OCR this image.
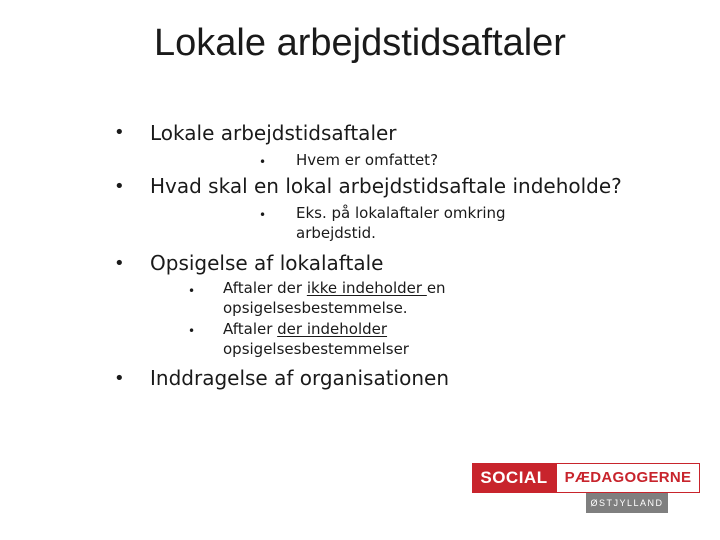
Lokale arbejdstidsaftaler
• Lokale arbejdstidsaftaler
• Hvem er omfattet?
• Hvad skal en lokal arbejdstidsaftale indeholde?
• Eks. på lokalaftaler omkring
arbejdstid.
• Opsigelse af lokalaftale
• Aftaler der ikke indeholder en
opsigelsesbestemmelse.
• Aftaler der indeholder
opsigelsesbestemmelser
• Inddragelse af organisationen
SOCIAL	PÆDAGOGERNE
ØSTJYLLAND
